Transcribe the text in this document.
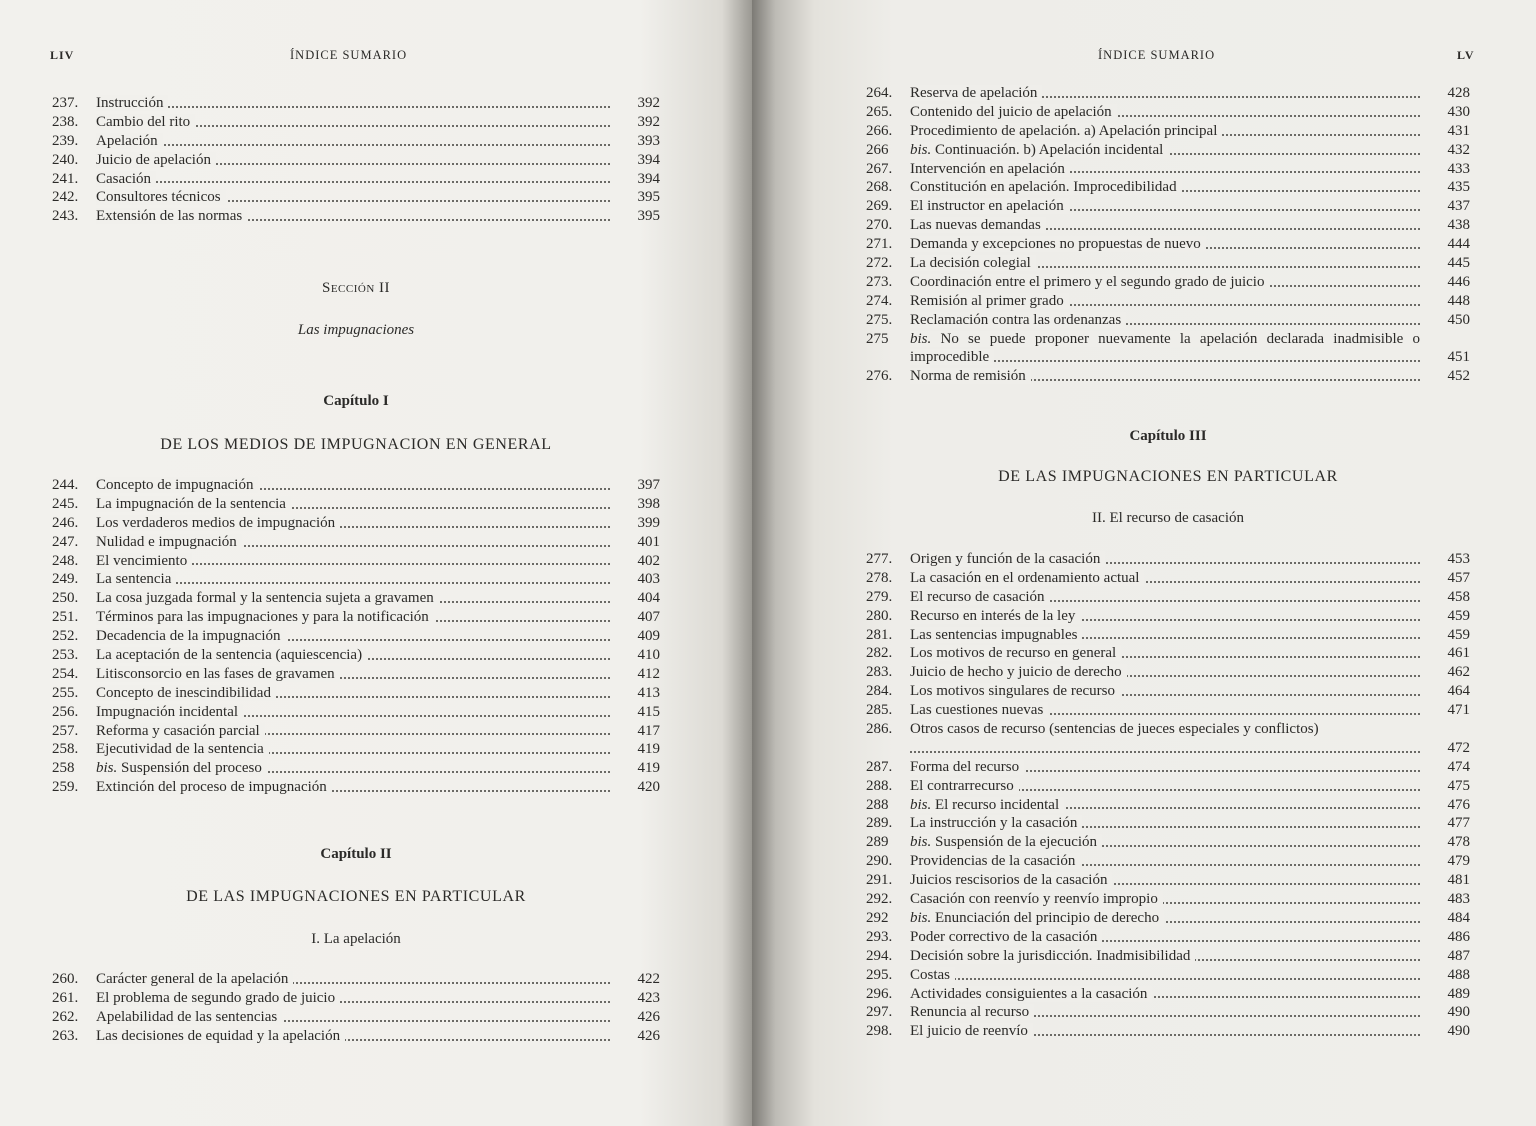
LIV	ÍNDICE SUMARIO
237.	Instrucción	392
238.	Cambio del rito	392
239.	Apelación	393
240.	Juicio de apelación	394
241.	Casación	394
242.	Consultores técnicos	395
243.	Extensión de las normas	395
Sección II
Las impugnaciones
Capítulo I
DE LOS MEDIOS DE IMPUGNACION EN GENERAL
244.	Concepto de impugnación	397
245.	La impugnación de la sentencia	398
246.	Los verdaderos medios de impugnación	399
247.	Nulidad e impugnación	401
248.	El vencimiento	402
249.	La sentencia	403
250.	La cosa juzgada formal y la sentencia sujeta a gravamen	404
251.	Términos para las impugnaciones y para la notificación	407
252.	Decadencia de la impugnación	409
253.	La aceptación de la sentencia (aquiescencia)	410
254.	Litisconsorcio en las fases de gravamen	412
255.	Concepto de inescindibilidad	413
256.	Impugnación incidental	415
257.	Reforma y casación parcial	417
258.	Ejecutividad de la sentencia	419
258	bis. Suspensión del proceso	419
259.	Extinción del proceso de impugnación	420
Capítulo II
DE LAS IMPUGNACIONES EN PARTICULAR
I. La apelación
260.	Carácter general de la apelación	422
261.	El problema de segundo grado de juicio	423
262.	Apelabilidad de las sentencias	426
263.	Las decisiones de equidad y la apelación	426
ÍNDICE SUMARIO	LV
264.	Reserva de apelación	428
265.	Contenido del juicio de apelación	430
266.	Procedimiento de apelación. a) Apelación principal	431
266	bis. Continuación. b) Apelación incidental	432
267.	Intervención en apelación	433
268.	Constitución en apelación. Improcedibilidad	435
269.	El instructor en apelación	437
270.	Las nuevas demandas	438
271.	Demanda y excepciones no propuestas de nuevo	444
272.	La decisión colegial	445
273.	Coordinación entre el primero y el segundo grado de juicio	446
274.	Remisión al primer grado	448
275.	Reclamación contra las ordenanzas	450
275	bis. No se puede proponer nuevamente la apelación declarada inadmisible o improcedible	451
276.	Norma de remisión	452
Capítulo III
DE LAS IMPUGNACIONES EN PARTICULAR
II. El recurso de casación
277.	Origen y función de la casación	453
278.	La casación en el ordenamiento actual	457
279.	El recurso de casación	458
280.	Recurso en interés de la ley	459
281.	Las sentencias impugnables	459
282.	Los motivos de recurso en general	461
283.	Juicio de hecho y juicio de derecho	462
284.	Los motivos singulares de recurso	464
285.	Las cuestiones nuevas	471
286.	Otros casos de recurso (sentencias de jueces especiales y conflictos)
472
287.	Forma del recurso	474
288.	El contrarrecurso	475
288	bis. El recurso incidental	476
289.	La instrucción y la casación	477
289	bis. Suspensión de la ejecución	478
290.	Providencias de la casación	479
291.	Juicios rescisorios de la casación	481
292.	Casación con reenvío y reenvío impropio	483
292	bis. Enunciación del principio de derecho	484
293.	Poder correctivo de la casación	486
294.	Decisión sobre la jurisdicción. Inadmisibilidad	487
295.	Costas	488
296.	Actividades consiguientes a la casación	489
297.	Renuncia al recurso	490
298.	El juicio de reenvío	490
